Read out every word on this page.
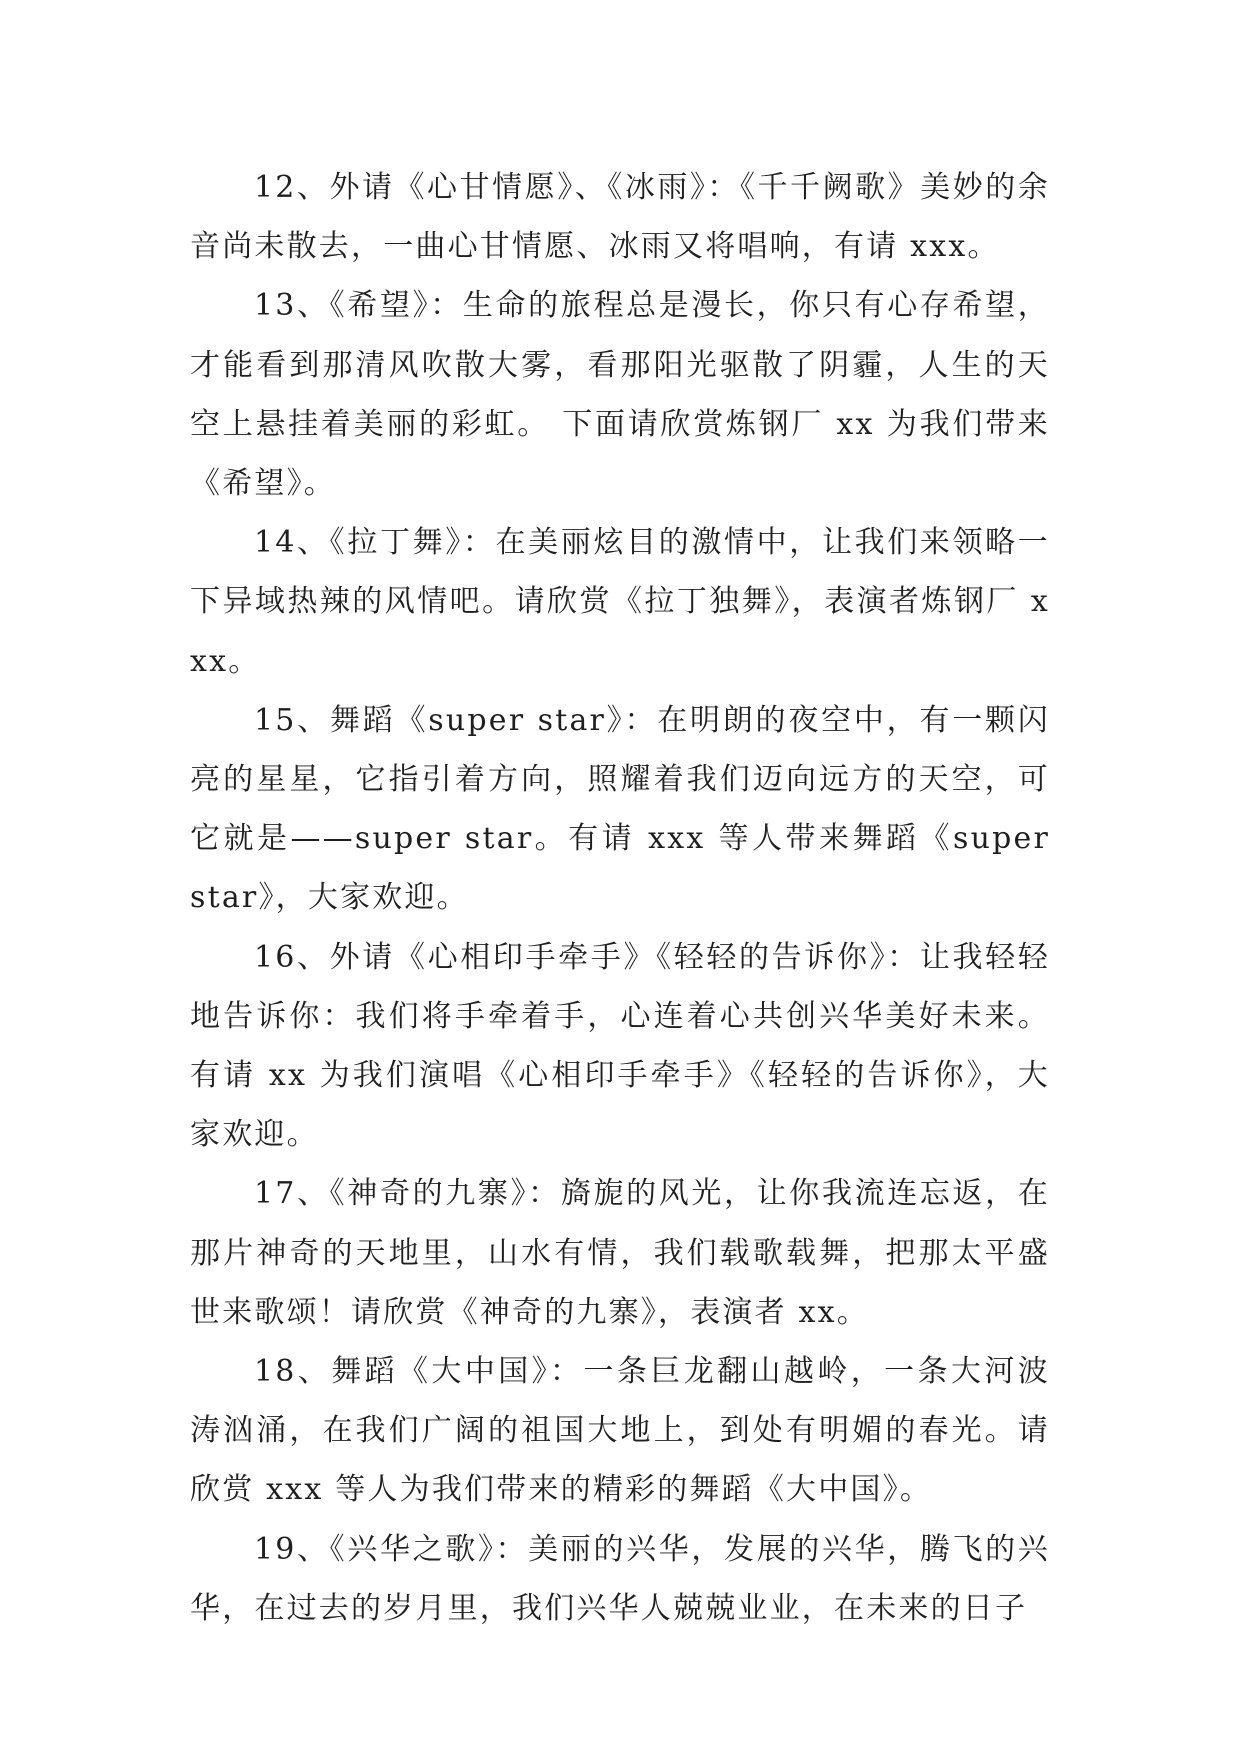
12、外请《心甘情愿》、《冰雨》：《千千阙歌》美妙的余音尚未散去，一曲心甘情愿、冰雨又将唱响，有请 xxx。

13、《希望》：生命的旅程总是漫长，你只有心存希望，才能看到那清风吹散大雾，看那阳光驱散了阴霾，人生的天空上悬挂着美丽的彩虹。 下面请欣赏炼钢厂 xx 为我们带来《希望》。

14、《拉丁舞》：在美丽炫目的激情中，让我们来领略一下异域热辣的风情吧。请欣赏《拉丁独舞》，表演者炼钢厂 xxx。

15、舞蹈《super star》：在明朗的夜空中，有一颗闪亮的星星，它指引着方向，照耀着我们迈向远方的天空，可它就是——super star。有请 xxx 等人带来舞蹈《super star》，大家欢迎。

16、外请《心相印手牵手》《轻轻的告诉你》：让我轻轻地告诉你：我们将手牵着手，心连着心共创兴华美好未来。有请 xx 为我们演唱《心相印手牵手》《轻轻的告诉你》，大家欢迎。

17、《神奇的九寨》：旖旎的风光，让你我流连忘返，在那片神奇的天地里，山水有情，我们载歌载舞，把那太平盛世来歌颂！请欣赏《神奇的九寨》，表演者 xx。

18、舞蹈《大中国》：一条巨龙翻山越岭，一条大河波涛汹涌，在我们广阔的祖国大地上，到处有明媚的春光。请欣赏 xxx 等人为我们带来的精彩的舞蹈《大中国》。

19、《兴华之歌》：美丽的兴华，发展的兴华，腾飞的兴华，在过去的岁月里，我们兴华人兢兢业业，在未来的日子
